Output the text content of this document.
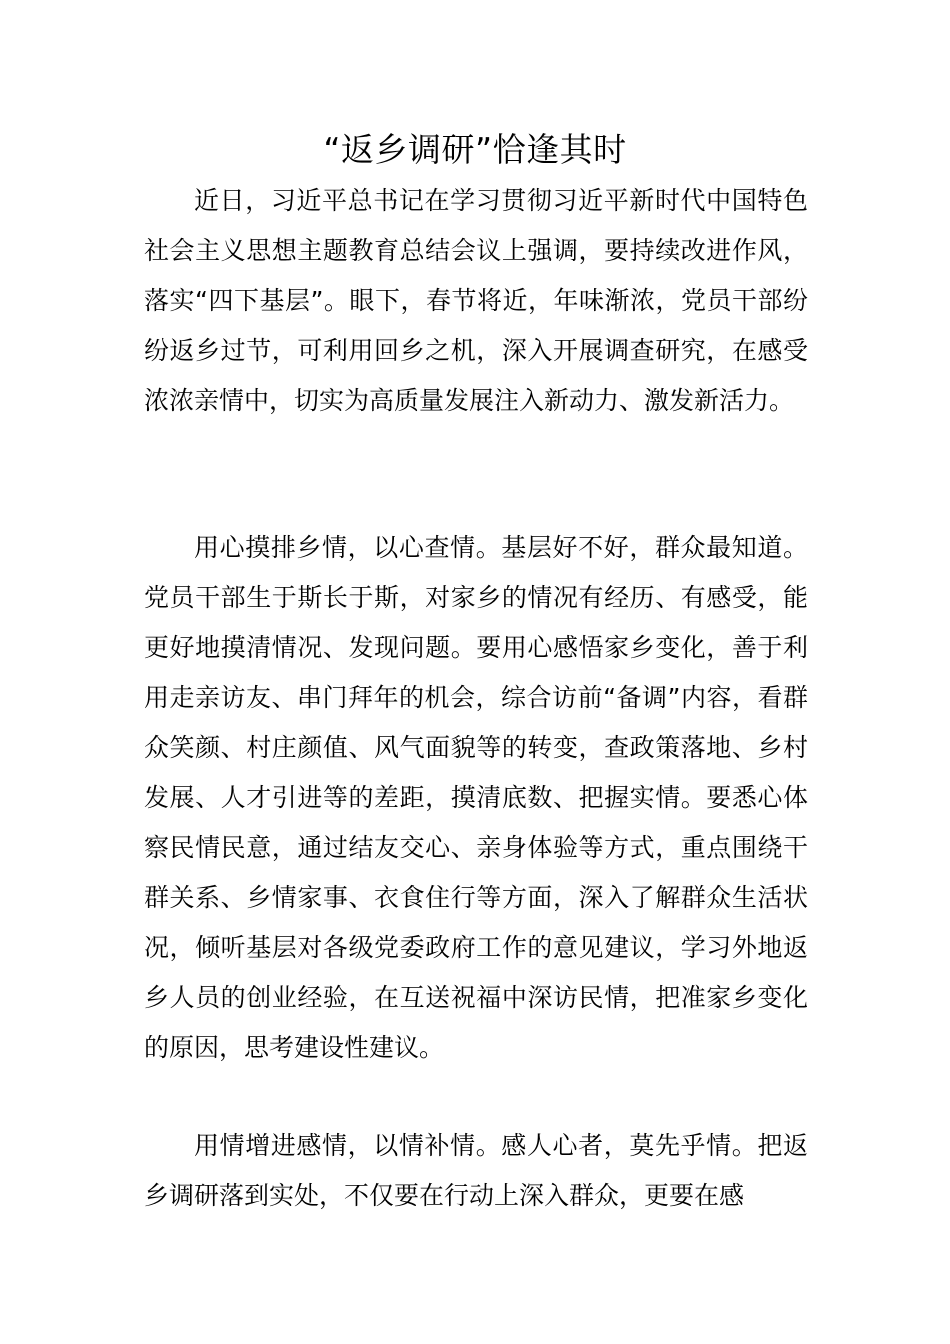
“返乡调研”恰逢其时

近日，习近平总书记在学习贯彻习近平新时代中国特色社会主义思想主题教育总结会议上强调，要持续改进作风，落实“四下基层”。眼下，春节将近，年味渐浓，党员干部纷纷返乡过节，可利用回乡之机，深入开展调查研究，在感受浓浓亲情中，切实为高质量发展注入新动力、激发新活力。

用心摸排乡情，以心查情。基层好不好，群众最知道。党员干部生于斯长于斯，对家乡的情况有经历、有感受，能更好地摸清情况、发现问题。要用心感悟家乡变化，善于利用走亲访友、串门拜年的机会，综合访前“备调”内容，看群众笑颜、村庄颜值、风气面貌等的转变，查政策落地、乡村发展、人才引进等的差距，摸清底数、把握实情。要悉心体察民情民意，通过结友交心、亲身体验等方式，重点围绕干群关系、乡情家事、衣食住行等方面，深入了解群众生活状况，倾听基层对各级党委政府工作的意见建议，学习外地返乡人员的创业经验，在互送祝福中深访民情，把准家乡变化的原因，思考建设性建议。

用情增进感情，以情补情。感人心者，莫先乎情。把返乡调研落到实处，不仅要在行动上深入群众，更要在感
